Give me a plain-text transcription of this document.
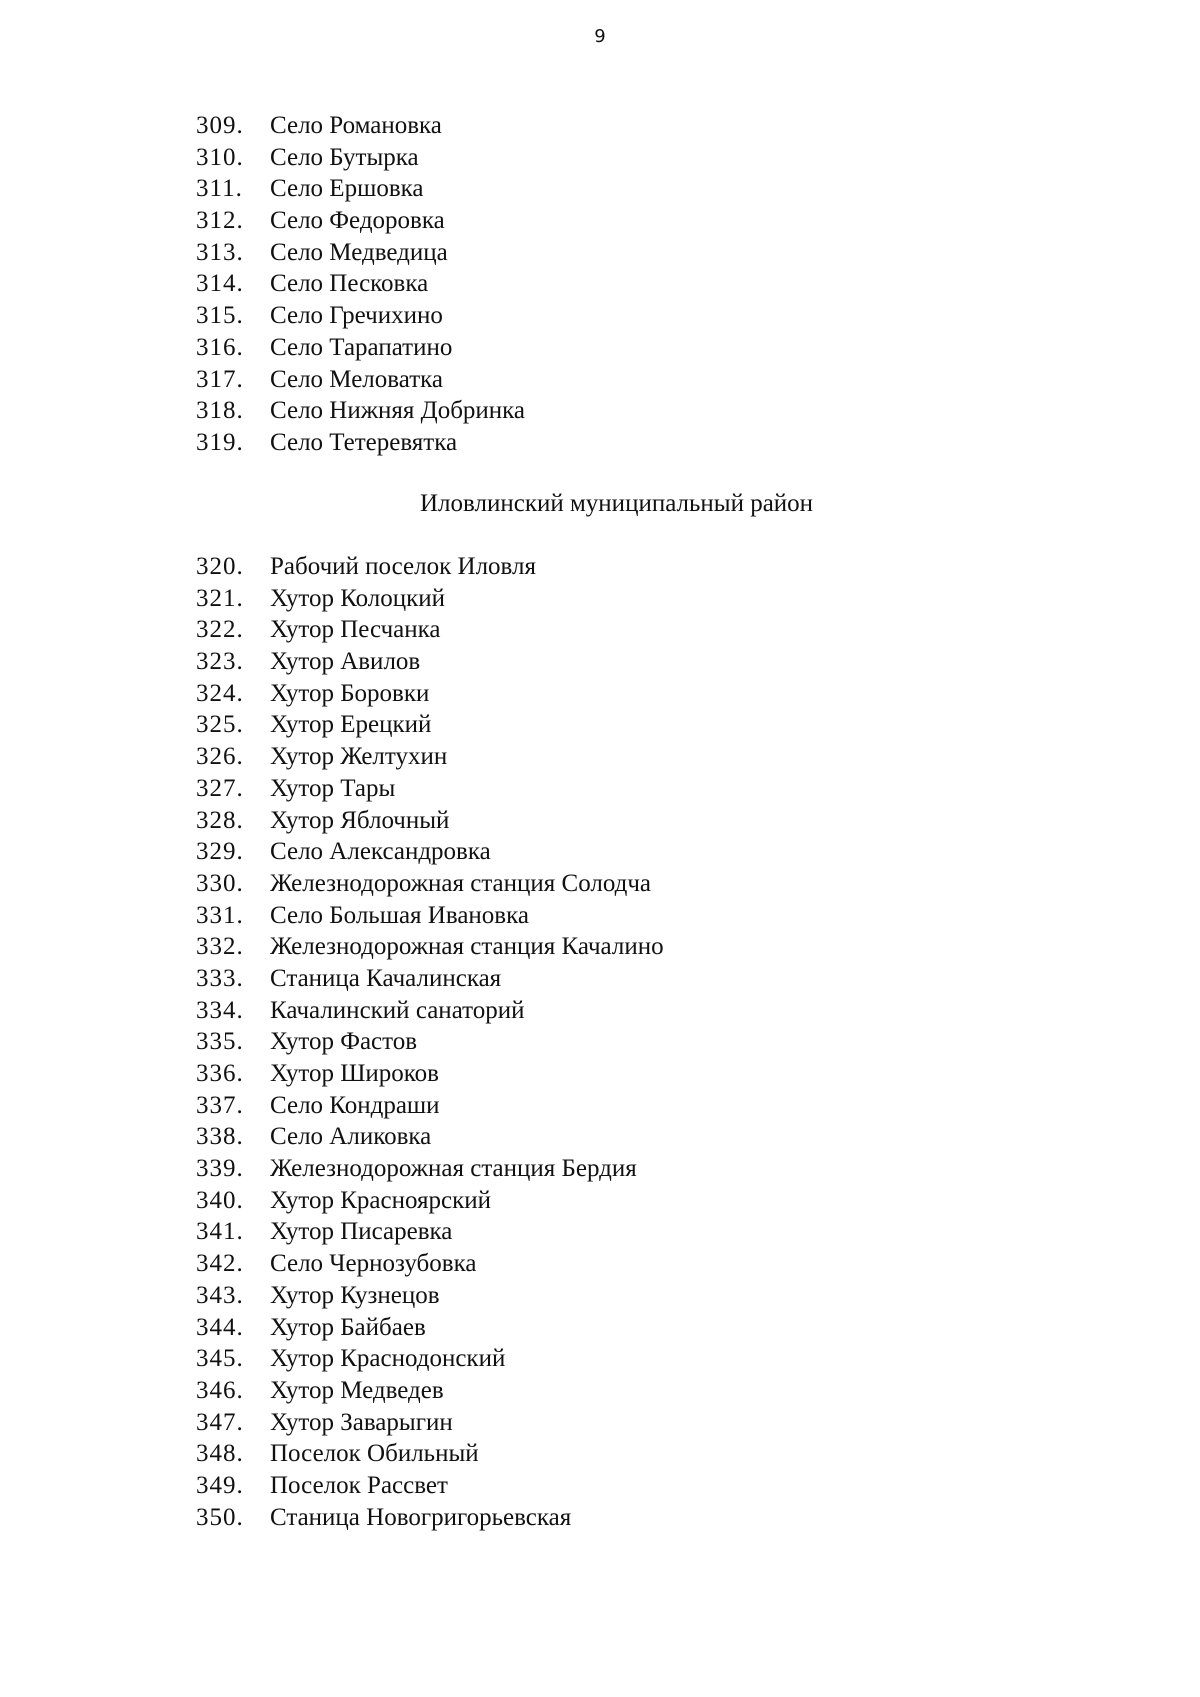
9
309. Село Романовка
310. Село Бутырка
311. Село Ершовка
312. Село Федоровка
313. Село Медведица
314. Село Песковка
315. Село Гречихино
316. Село Тарапатино
317. Село Меловатка
318. Село Нижняя Добринка
319. Село Тетеревятка
Иловлинский муниципальный район
320. Рабочий поселок Иловля
321. Хутор Колоцкий
322. Хутор Песчанка
323. Хутор Авилов
324. Хутор Боровки
325. Хутор Ерецкий
326. Хутор Желтухин
327. Хутор Тары
328. Хутор Яблочный
329. Село Александровка
330. Железнодорожная станция Солодча
331. Село Большая Ивановка
332. Железнодорожная станция Качалино
333. Станица Качалинская
334. Качалинский санаторий
335. Хутор Фастов
336. Хутор Широков
337. Село Кондраши
338. Село Аликовка
339. Железнодорожная станция Бердия
340. Хутор Красноярский
341. Хутор Писаревка
342. Село Чернозубовка
343. Хутор Кузнецов
344. Хутор Байбаев
345. Хутор Краснодонский
346. Хутор Медведев
347. Хутор Заварыгин
348. Поселок Обильный
349. Поселок Рассвет
350. Станица Новогригорьевская
